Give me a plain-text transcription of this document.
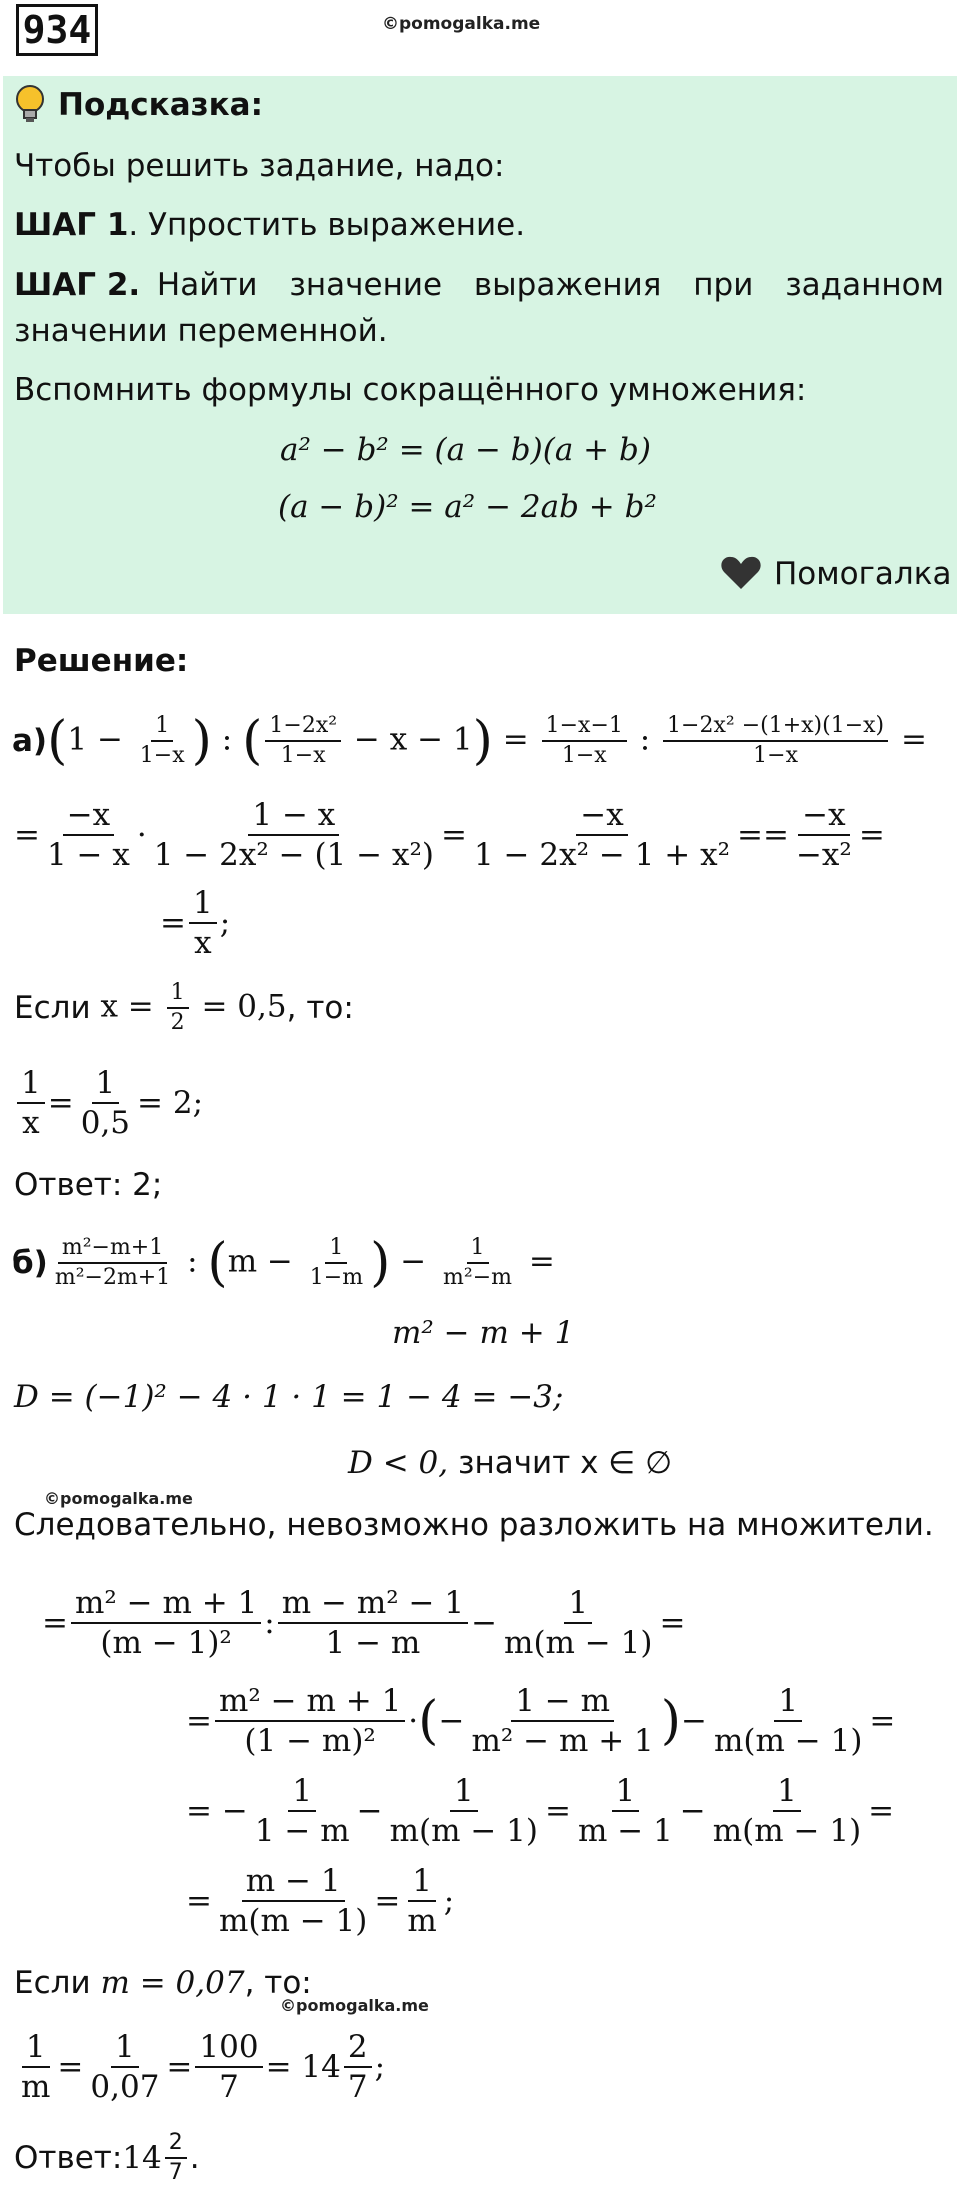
934	©pomogalka.me
Подсказка:
Чтобы решить задание, надо:
ШАГ 1. Упростить выражение.
ШАГ 2. Найти значение выражения при заданном
значении переменной.
Вспомнить формулы сокращённого умножения:
a² − b² = (a − b)(a + b)
(a − b)² = a² − 2ab + b²
Помогалка
Решение:
а) ($1 - \frac{1}{1-x}$ ) : ( $\frac{\text{1−2x²}}{1-x} - x - 1) = \frac{1-x-1}{1-x}$ : $\frac{\text{1−2x² −(1+x)(1−x)}}{1-x}$ =
= $\frac{-x}{1 - x} \cdot \frac{1 - x}{\text{1 − 2x² − (1 − x²)}} = \frac{-x}{\text{1 − 2x² − 1 + x²}} == \frac{-x}{\text{−x²}}$ =
= $\frac{1}{x}$ ;
Если
$x = \frac{1}{2} = 0,5$ , то:
$\frac{1}{x} = \frac{1}{0,5} = 2$;
Ответ: 2;
$б) \frac{\text{m²−m+1}}{\text{m²−2m+1}}$ : ($m - \frac{1}{1-m}$ ) − $\frac{1}{\text{m²−m}}$ =
m² − m + 1
D = (−1)² − 4 · 1 · 1 = 1 − 4 = −3;
D < 0, значит x ∈ ∅
©pomogalka.me
Следовательно, невозможно разложить на множители.
= $\frac{\text{m² − m + 1}}{\text{(m − 1)²}}$ : $\frac{\text{m − m² − 1}}{1 - m} - \frac{1}{m(m - 1)}$ =
= $\frac{\text{m² − m + 1}}{\text{(1 − m)²}}$ · ( − $\frac{1 - m}{\text{m² − m + 1}}$ ) − $\frac{1}{m(m - 1)}$ =
= − $\frac{1}{1 - m} - \frac{1}{m(m - 1)} = \frac{1}{m - 1} - \frac{1}{m(m - 1)}$ =
= $\frac{m - 1}{m(m - 1)} = \frac{1}{m}$ ;
Если m = 0,07, то:
©pomogalka.me
$\frac{1}{m} = \frac{1}{0,07} = \frac{100}{7} = 14 \frac{2}{7}$ ;
Ответ: $14 \frac{2}{7}$ .
